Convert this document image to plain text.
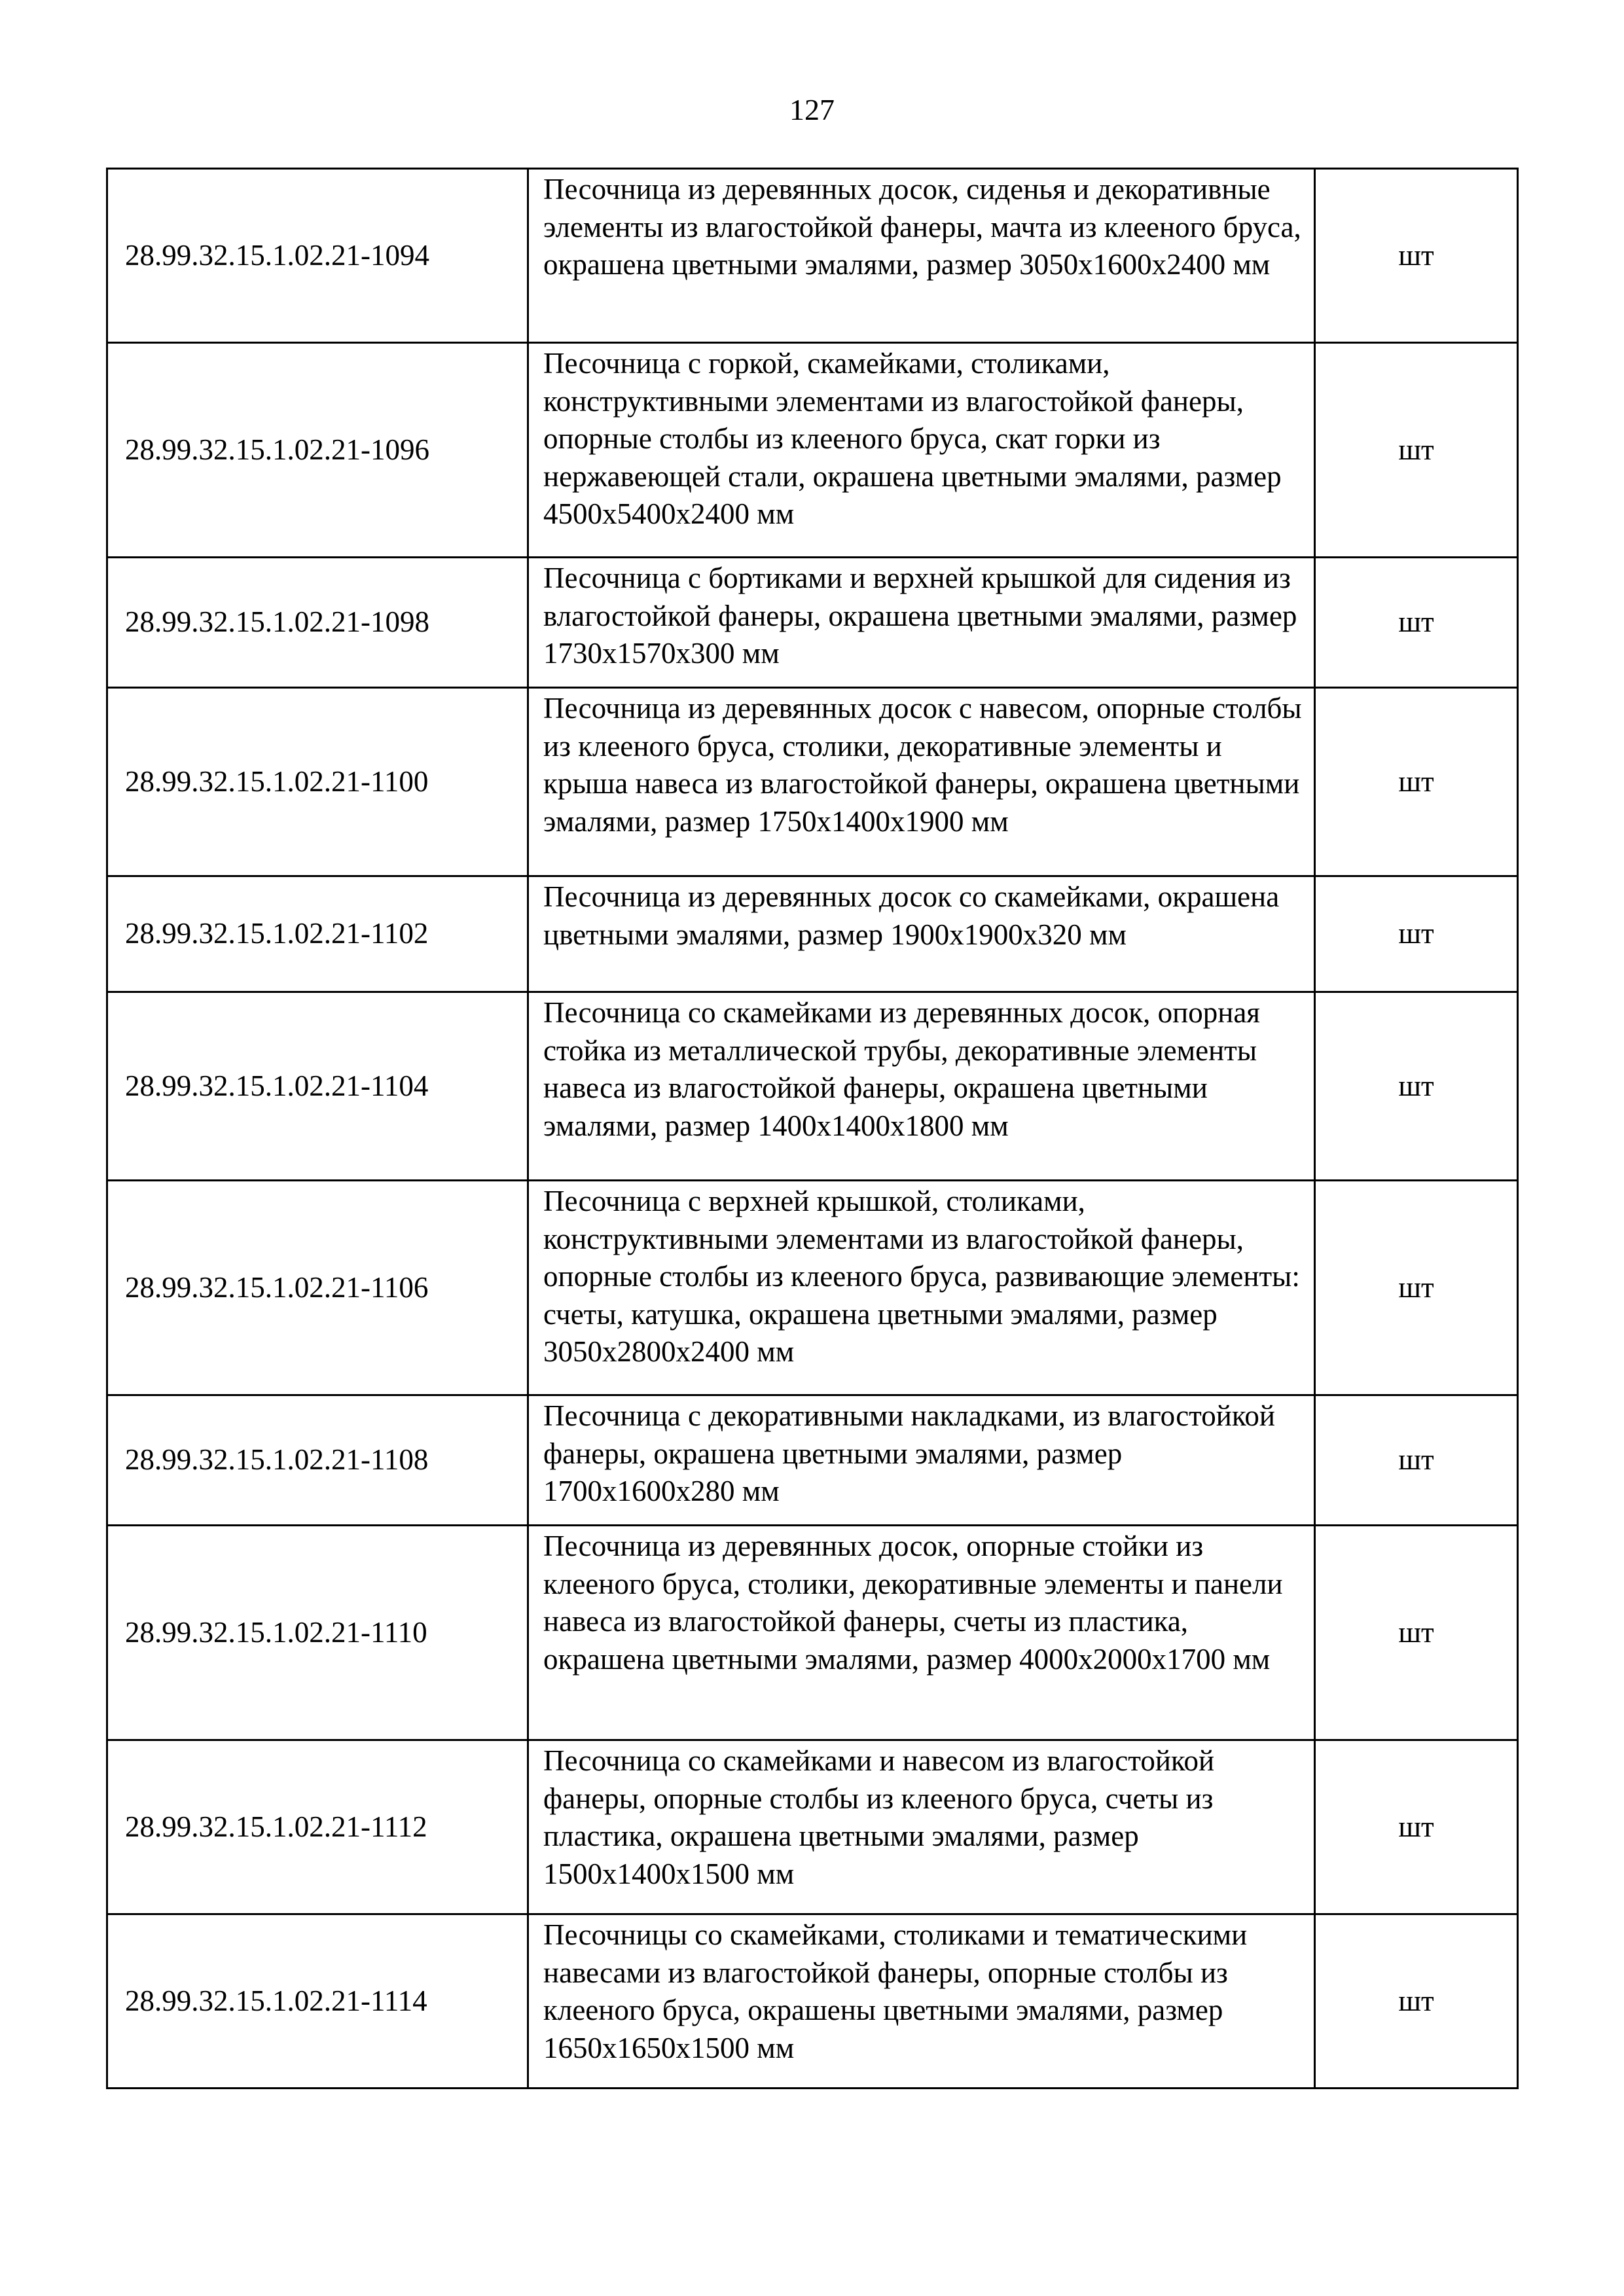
127
28.99.32.15.1.02.21-1094	Песочница из деревянных досок, сиденья и декоративные элементы из влагостойкой фанеры, мачта из клееного бруса, окрашена цветными эмалями, размер 3050х1600х2400 мм	шт
28.99.32.15.1.02.21-1096	Песочница с горкой, скамейками, столиками, конструктивными элементами из влагостойкой фанеры, опорные столбы из клееного бруса, скат горки из нержавеющей стали, окрашена цветными эмалями, размер 4500х5400х2400 мм	шт
28.99.32.15.1.02.21-1098	Песочница с бортиками и верхней крышкой для сидения из влагостойкой фанеры, окрашена цветными эмалями, размер 1730х1570х300 мм	шт
28.99.32.15.1.02.21-1100	Песочница из деревянных досок с навесом, опорные столбы из клееного бруса, столики, декоративные элементы и крыша навеса из влагостойкой фанеры, окрашена цветными эмалями, размер 1750х1400х1900 мм	шт
28.99.32.15.1.02.21-1102	Песочница из деревянных досок со скамейками, окрашена цветными эмалями, размер 1900х1900х320 мм	шт
28.99.32.15.1.02.21-1104	Песочница со скамейками из деревянных досок, опорная стойка из металлической трубы, декоративные элементы навеса из влагостойкой фанеры, окрашена цветными эмалями, размер 1400х1400х1800 мм	шт
28.99.32.15.1.02.21-1106	Песочница с верхней крышкой, столиками, конструктивными элементами из влагостойкой фанеры, опорные столбы из клееного бруса, развивающие элементы: счеты, катушка, окрашена цветными эмалями, размер 3050х2800х2400 мм	шт
28.99.32.15.1.02.21-1108	Песочница с декоративными накладками, из влагостойкой фанеры, окрашена цветными эмалями, размер 1700х1600х280 мм	шт
28.99.32.15.1.02.21-1110	Песочница из деревянных досок, опорные стойки из клееного бруса, столики, декоративные элементы и панели навеса из влагостойкой фанеры, счеты из пластика, окрашена цветными эмалями, размер 4000х2000х1700 мм	шт
28.99.32.15.1.02.21-1112	Песочница со скамейками и навесом из влагостойкой фанеры, опорные столбы из клееного бруса, счеты из пластика, окрашена цветными эмалями, размер 1500х1400х1500 мм	шт
28.99.32.15.1.02.21-1114	Песочницы со скамейками, столиками и тематическими навесами из влагостойкой фанеры, опорные столбы из клееного бруса, окрашены цветными эмалями, размер 1650х1650х1500 мм	шт
